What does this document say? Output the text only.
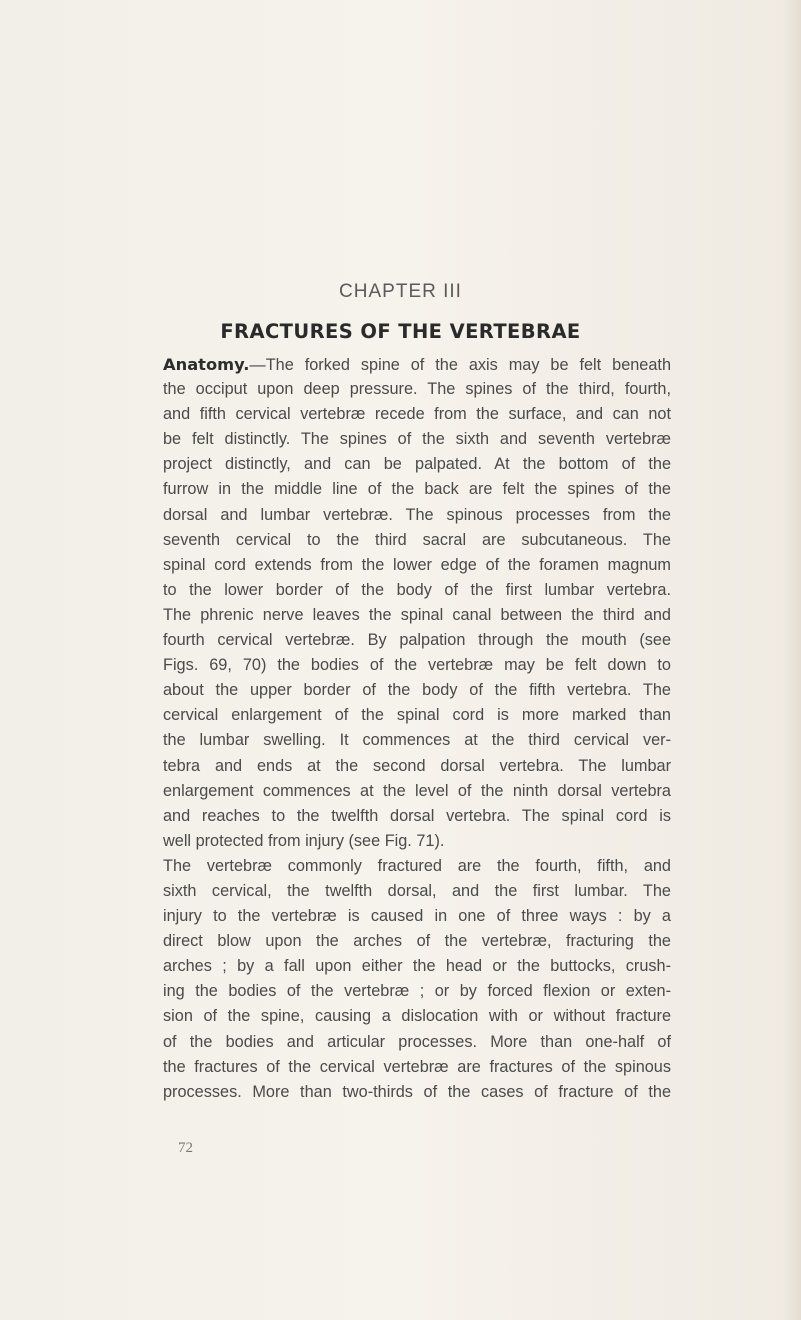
CHAPTER III
FRACTURES OF THE VERTEBRAE
Anatomy.—The forked spine of the axis may be felt beneath
the occiput upon deep pressure. The spines of the third, fourth,
and fifth cervical vertebræ recede from the surface, and can not
be felt distinctly. The spines of the sixth and seventh vertebræ
project distinctly, and can be palpated. At the bottom of the
furrow in the middle line of the back are felt the spines of the
dorsal and lumbar vertebræ. The spinous processes from the
seventh cervical to the third sacral are subcutaneous. The
spinal cord extends from the lower edge of the foramen magnum
to the lower border of the body of the first lumbar vertebra.
The phrenic nerve leaves the spinal canal between the third and
fourth cervical vertebræ. By palpation through the mouth (see
Figs. 69, 70) the bodies of the vertebræ may be felt down to
about the upper border of the body of the fifth vertebra. The
cervical enlargement of the spinal cord is more marked than
the lumbar swelling. It commences at the third cervical ver-
tebra and ends at the second dorsal vertebra. The lumbar
enlargement commences at the level of the ninth dorsal vertebra
and reaches to the twelfth dorsal vertebra. The spinal cord is
well protected from injury (see Fig. 71).
The vertebræ commonly fractured are the fourth, fifth, and
sixth cervical, the twelfth dorsal, and the first lumbar. The
injury to the vertebræ is caused in one of three ways : by a
direct blow upon the arches of the vertebræ, fracturing the
arches ; by a fall upon either the head or the buttocks, crush-
ing the bodies of the vertebræ ; or by forced flexion or exten-
sion of the spine, causing a dislocation with or without fracture
of the bodies and articular processes. More than one-half of
the fractures of the cervical vertebræ are fractures of the spinous
processes. More than two-thirds of the cases of fracture of the
72
